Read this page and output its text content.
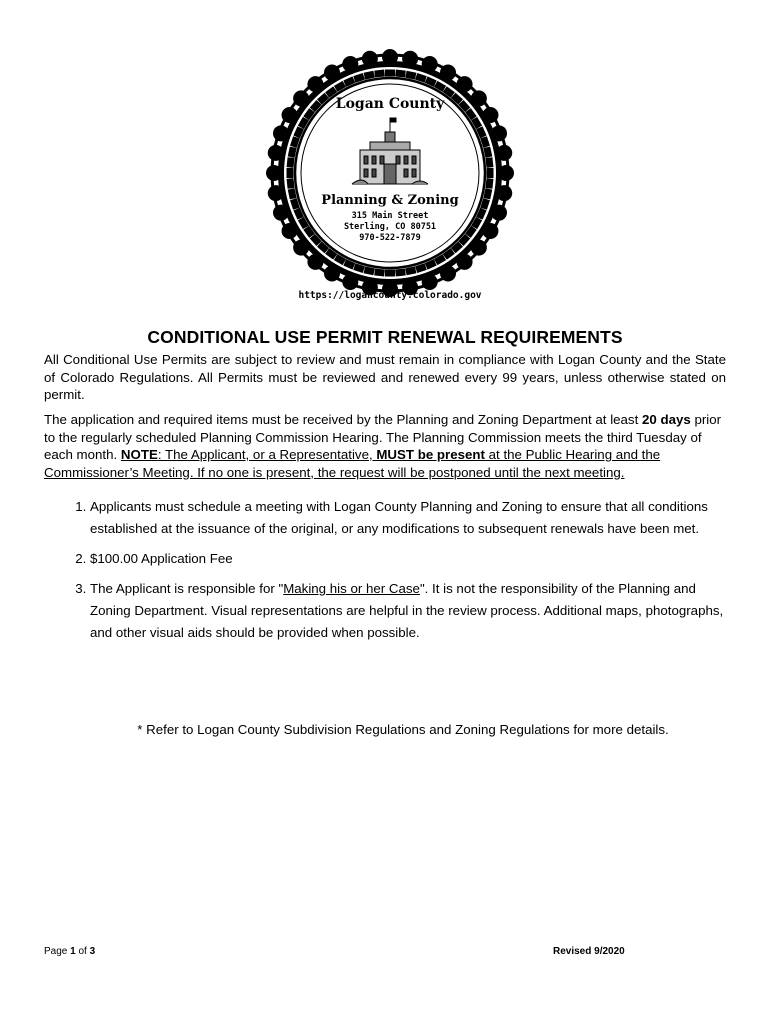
Logan County
Planning & Zoning
315 Main Street
Sterling, CO 80751
970-522-7879
https://logancounty.colorado.gov
CONDITIONAL USE PERMIT RENEWAL REQUIREMENTS
All Conditional Use Permits are subject to review and must remain in compliance with Logan County and the State of Colorado Regulations. All Permits must be reviewed and renewed every 99 years, unless otherwise stated on permit.
The application and required items must be received by the Planning and Zoning Department at least 20 days prior to the regularly scheduled Planning Commission Hearing. The Planning Commission meets the third Tuesday of each month. NOTE: The Applicant, or a Representative, MUST be present at the Public Hearing and the Commissioner’s Meeting. If no one is present, the request will be postponed until the next meeting.
1. Applicants must schedule a meeting with Logan County Planning and Zoning to ensure that all conditions established at the issuance of the original, or any modifications to subsequent renewals have been met.
2. $100.00 Application Fee
3. The Applicant is responsible for "Making his or her Case". It is not the responsibility of the Planning and Zoning Department. Visual representations are helpful in the review process. Additional maps, photographs, and other visual aids should be provided when possible.
* Refer to Logan County Subdivision Regulations and Zoning Regulations for more details.
Page 1 of 3	Revised 9/2020
